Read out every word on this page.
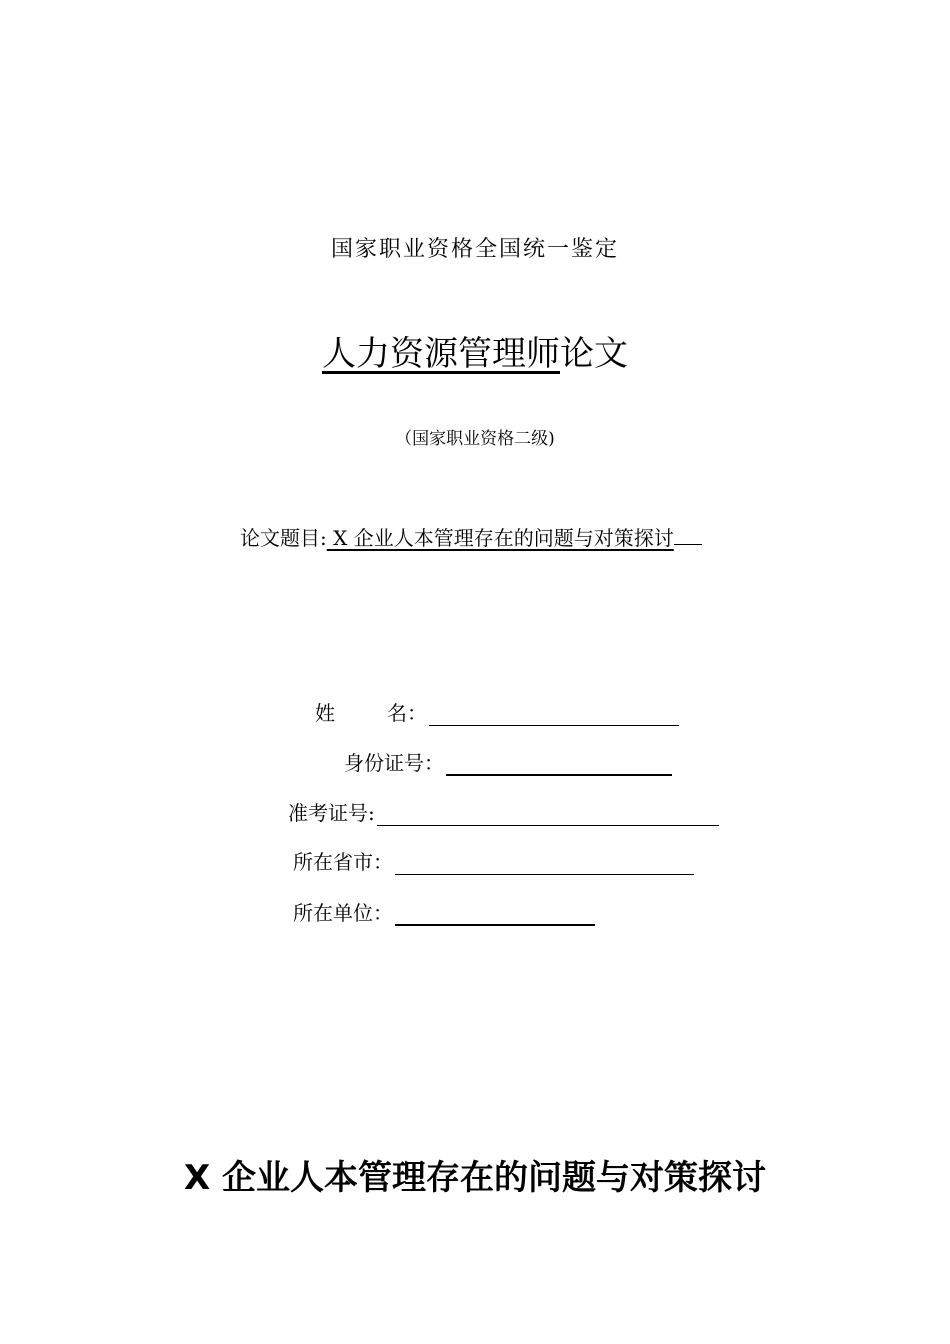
国家职业资格全国统一鉴定
人力资源管理师论文
（国家职业资格二级)
论文题目: X 企业人本管理存在的问题与对策探讨
姓	名：
身份证号：
准考证号:
所在省市：
所在单位：
X 企业人本管理存在的问题与对策探讨
